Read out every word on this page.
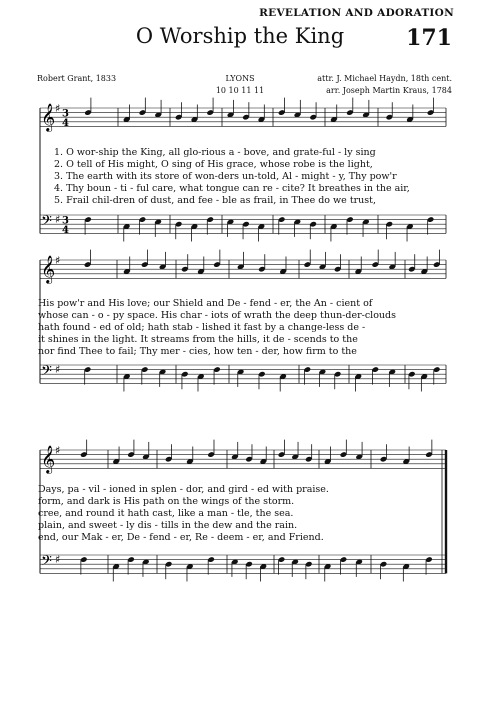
REVELATION AND ADORATION
O Worship the King	171
Robert Grant, 1833	LYONS
10 10 11 11
attr. J. Michael Haydn, 18th cent.
arr. Joseph Martin Kraus, 1784
𝄞
𝄢
♯
♯
3
4
3
4
𝄞
𝄢
♯
♯
𝄞
𝄢
♯
♯
1. O wor-ship the King, all glo-rious a - bove, and grate-ful - ly sing
2. O tell of His might, O sing of His grace, whose robe is the light,
3. The earth with its store of won-ders un-told, Al - might - y, Thy pow'r
4. Thy boun - ti - ful care, what tongue can re - cite? It breathes in the air,
5. Frail chil-dren of dust, and fee - ble as frail, in Thee do we trust,
His pow'r and His love; our Shield and De - fend - er, the An - cient of
whose can - o - py space. His char - iots of wrath the deep thun-der-clouds
hath found - ed of old; hath stab - lished it fast by a change-less de -
it shines in the light. It streams from the hills, it de - scends to the
nor find Thee to fail; Thy mer - cies, how ten - der, how firm to the
Days, pa - vil - ioned in splen - dor, and gird - ed with praise.
form, and dark is His path on the wings of the storm.
cree, and round it hath cast, like a man - tle, the sea.
plain, and sweet - ly dis - tills in the dew and the rain.
end, our Mak - er, De - fend - er, Re - deem - er, and Friend.
